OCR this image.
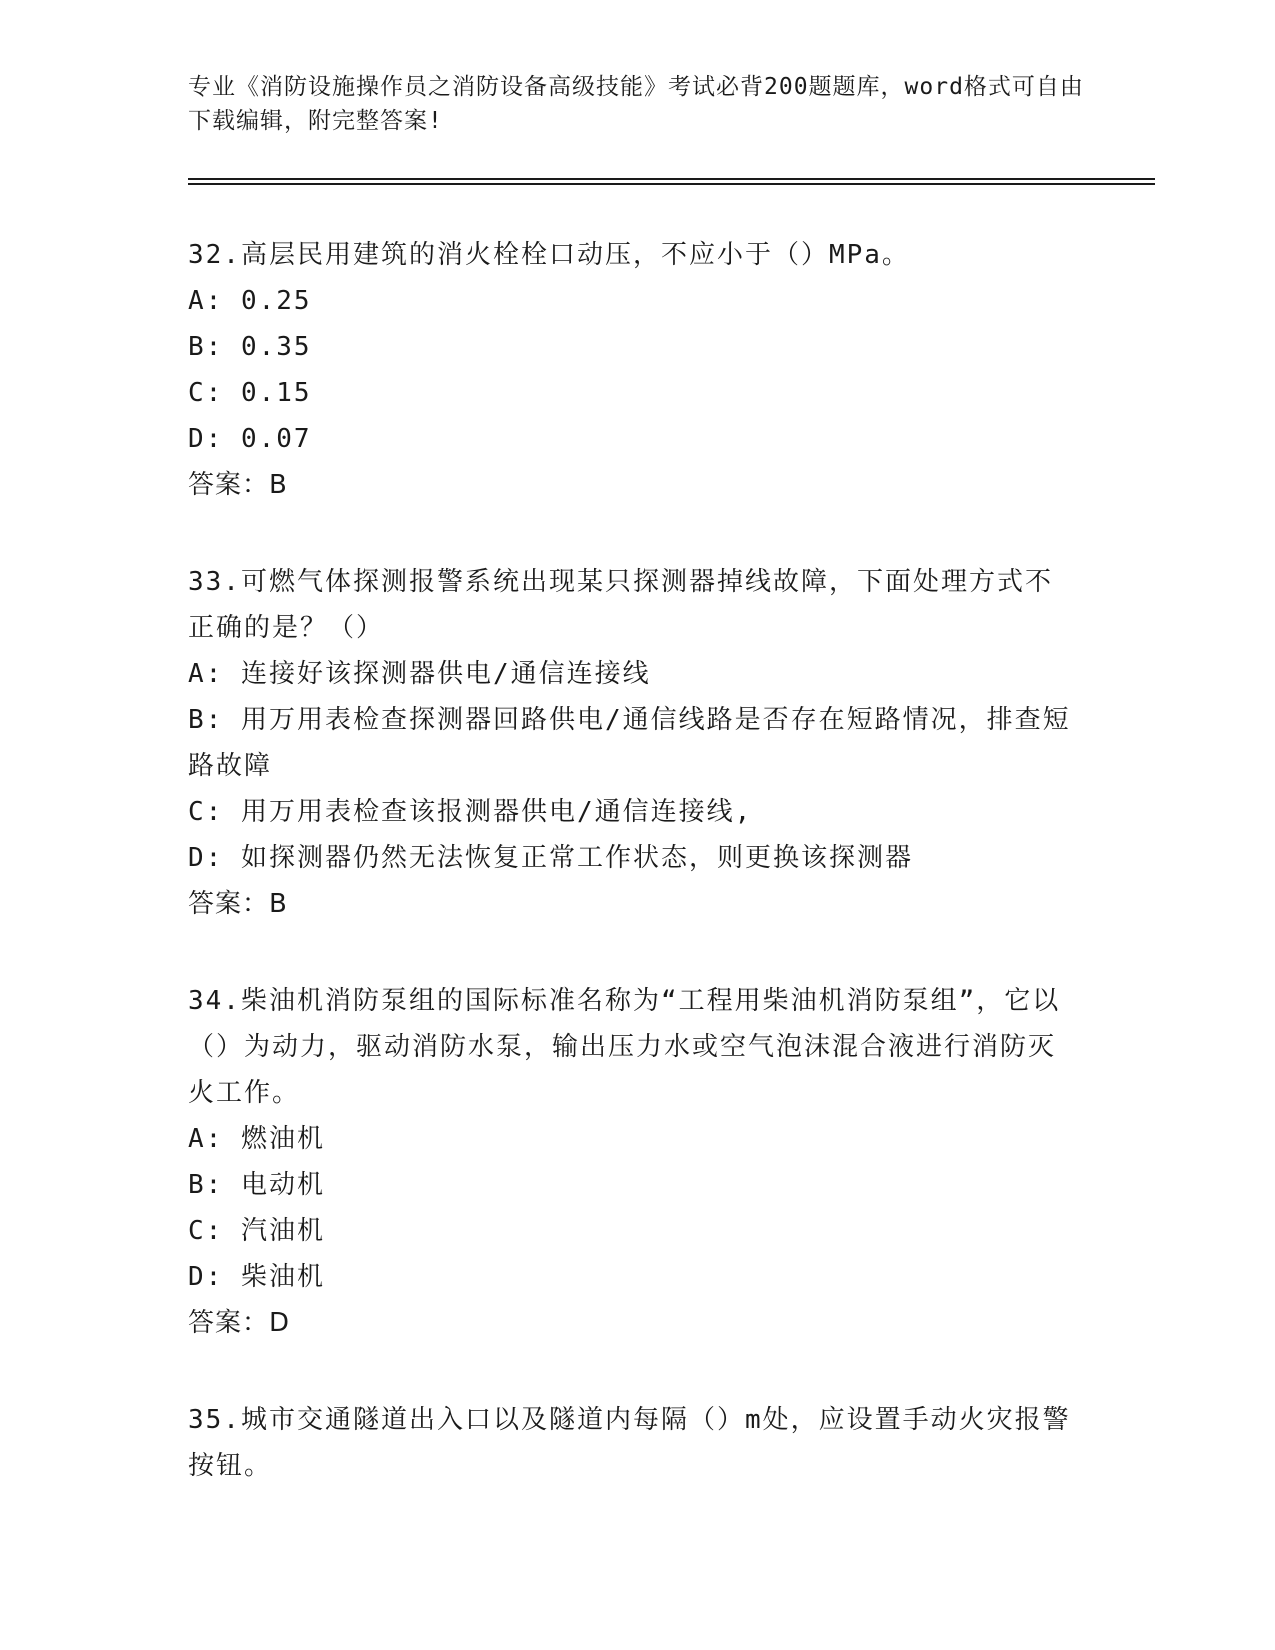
专业《消防设施操作员之消防设备高级技能》考试必背200题题库，word格式可自由下载编辑，附完整答案!
32.高层民用建筑的消火栓栓口动压，不应小于（）MPa。
A: 0.25
B: 0.35
C: 0.15
D: 0.07
答案：B
33.可燃气体探测报警系统出现某只探测器掉线故障，下面处理方式不正确的是？（）
A: 连接好该探测器供电/通信连接线
B: 用万用表检查探测器回路供电/通信线路是否存在短路情况，排查短路故障
C: 用万用表检查该报测器供电/通信连接线,
D: 如探测器仍然无法恢复正常工作状态，则更换该探测器
答案：B
34.柴油机消防泵组的国际标准名称为“工程用柴油机消防泵组”，它以（）为动力，驱动消防水泵，输出压力水或空气泡沫混合液进行消防灭火工作。
A: 燃油机
B: 电动机
C: 汽油机
D: 柴油机
答案：D
35.城市交通隧道出入口以及隧道内每隔（）m处，应设置手动火灾报警按钮。
